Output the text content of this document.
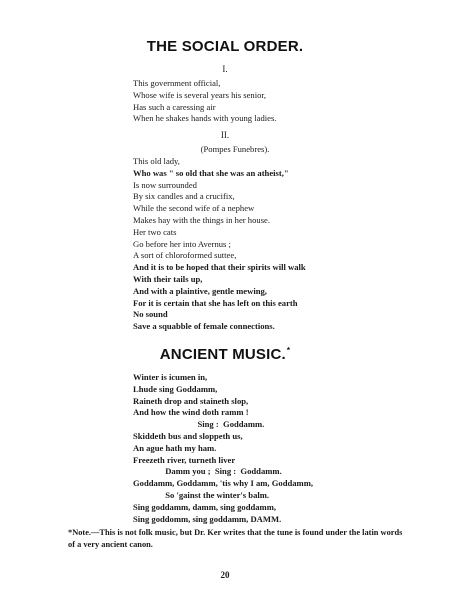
THE SOCIAL ORDER.
I.
This government official,
Whose wife is several years his senior,
Has such a caressing air
When he shakes hands with young ladies.
II.
(Pompes Funebres).
This old lady,
Who was " so old that she was an atheist,"
Is now surrounded
By six candles and a crucifix,
While the second wife of a nephew
Makes hay with the things in her house.
Her two cats
Go before her into Avernus ;
A sort of chloroformed suttee,
And it is to be hoped that their spirits will walk
With their tails up,
And with a plaintive, gentle mewing,
For it is certain that she has left on this earth
No sound
Save a squabble of female connections.
ANCIENT MUSIC.*
Winter is icumen in,
Lhude sing Goddamm,
Raineth drop and staineth slop,
And how the wind doth ramm !
Sing :  Goddamm.
Skiddeth bus and sloppeth us,
An ague hath my ham.
Freezeth river, turneth liver
Damm you ;  Sing :  Goddamm.
Goddamm, Goddamm, 'tis why I am, Goddamm,
So 'gainst the winter's balm.
Sing goddamm, damm, sing goddamm,
Sing goddomm, sing goddamm, DAMM.
*Note.—This is not folk music, but Dr. Ker writes that the tune is found under the latin words of a very ancient canon.
20
